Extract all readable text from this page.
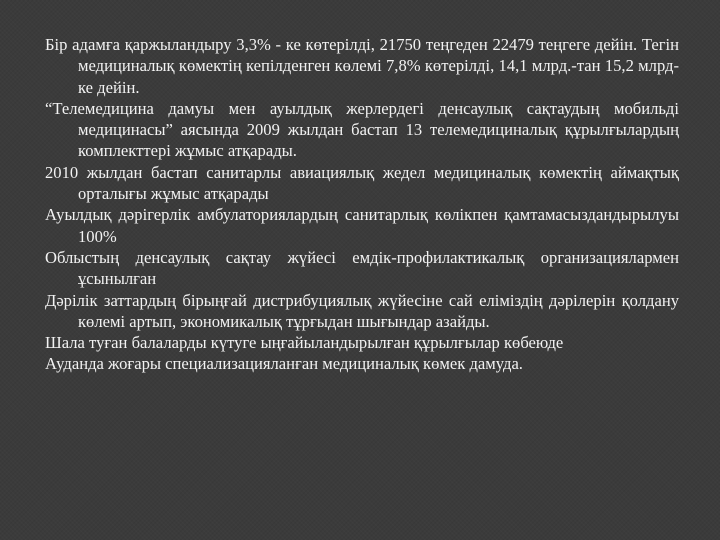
Бір адамға қаржыландыру 3,3% - ке көтерілді, 21750 теңгеден 22479 теңгеге дейін. Тегін медициналық көмектің кепілденген көлемі 7,8% көтерілді, 14,1 млрд.-тан 15,2 млрд-ке дейін.

“Телемедицина дамуы мен ауылдық жерлердегі денсаулық сақтаудың мобильді медицинасы” аясында 2009 жылдан бастап 13 телемедициналық құрылғылардың комплекттері жұмыс атқарады.

2010 жылдан бастап санитарлы авиациялық жедел медициналық көмектің аймақтық орталығы жұмыс атқарады

Ауылдық дәрігерлік амбулаториялардың санитарлық көлікпен қамтамасыздандырылуы 100%

Облыстың денсаулық сақтау жүйесі емдік-профилактикалық организациялармен ұсынылған

Дәрілік заттардың бірыңғай дистрибуциялық жүйесіне сай еліміздің дәрілерін қолдану көлемі артып, экономикалық тұрғыдан шығындар азайды.

Шала туған балаларды күтуге ыңғайыландырылған құрылғылар көбеюде

Ауданда жоғары специализацияланған медициналық көмек дамуда.
